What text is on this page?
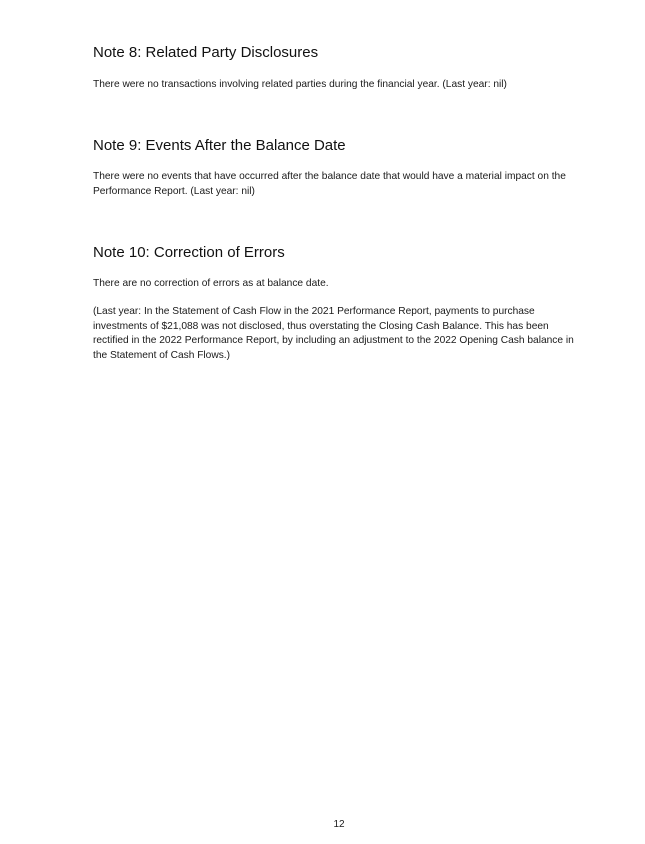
Note 8: Related Party Disclosures

There were no transactions involving related parties during the financial year. (Last year: nil)

Note 9: Events After the Balance Date

There were no events that have occurred after the balance date that would have a material impact on the Performance Report. (Last year: nil)

Note 10: Correction of Errors

There are no correction of errors as at balance date.

(Last year: In the Statement of Cash Flow in the 2021 Performance Report, payments to purchase investments of $21,088 was not disclosed, thus overstating the Closing Cash Balance. This has been rectified in the 2022 Performance Report, by including an adjustment to the 2022 Opening Cash balance in the Statement of Cash Flows.)

12
